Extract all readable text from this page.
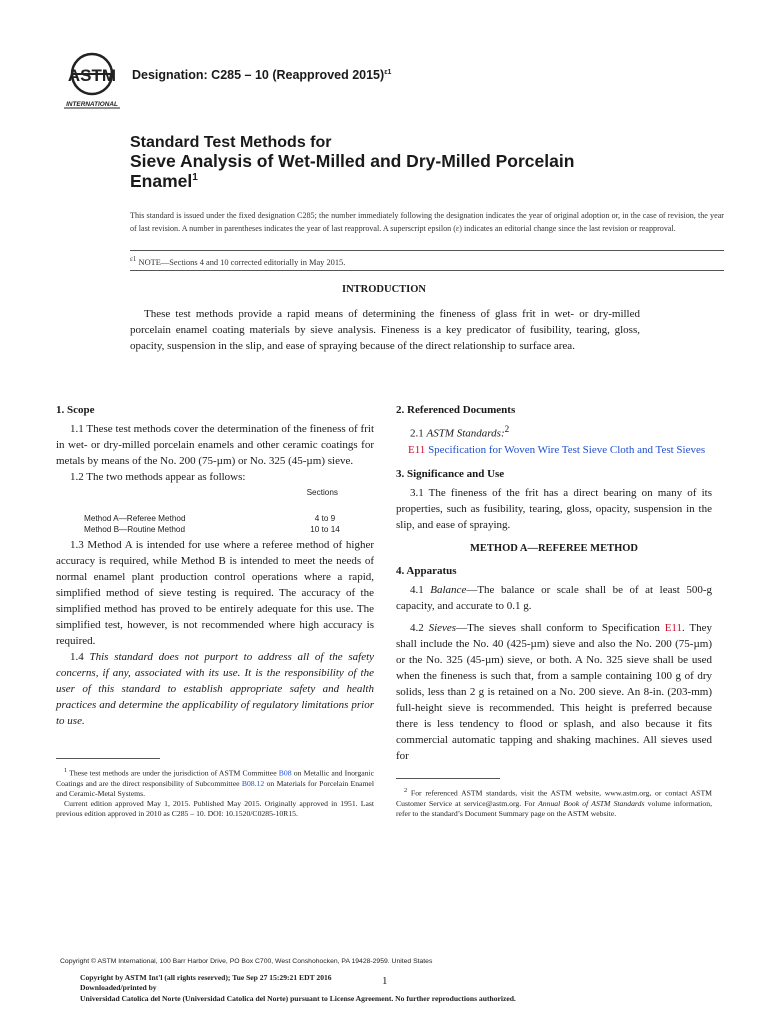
ASTM
INTERNATIONAL
Designation: C285 – 10 (Reapproved 2015)$^{\varepsilon 1}$
Standard Test Methods for
Sieve Analysis of Wet-Milled and Dry-Milled Porcelain
Enamel$^1$
This standard is issued under the fixed designation C285; the number immediately following the designation indicates the year of original adoption or, in the case of revision, the year of last revision. A number in parentheses indicates the year of last reapproval. A superscript epsilon (ε) indicates an editorial change since the last revision or reapproval.
$^{\varepsilon 1}$ NOTE—Sections 4 and 10 corrected editorially in May 2015.
INTRODUCTION
These test methods provide a rapid means of determining the fineness of glass frit in wet- or dry-milled porcelain enamel coating materials by sieve analysis. Fineness is a key predicator of fusibility, tearing, gloss, opacity, suspension in the slip, and ease of spraying because of the direct relationship to surface area.
1. Scope

1.1 These test methods cover the determination of the fineness of frit in wet- or dry-milled porcelain enamels and other ceramic coatings for metals by means of the No. 200 (75-µm) or No. 325 (45-µm) sieve.

1.2 The two methods appear as follows:

Sections
Method A—Referee Method	4 to 9
Method B—Routine Method	10 to 14

1.3 Method A is intended for use where a referee method of higher accuracy is required, while Method B is intended to meet the needs of normal enamel plant production control operations where a rapid, simplified method of sieve testing is required. The accuracy of the simplified method has proved to be entirely adequate for this use. The simplified test, however, is not recommended where high accuracy is required.

1.4 This standard does not purport to address all of the safety concerns, if any, associated with its use. It is the responsibility of the user of this standard to establish appropriate safety and health practices and determine the applicability of regulatory limitations prior to use.

$^1$ These test methods are under the jurisdiction of ASTM Committee B08 on Metallic and Inorganic Coatings and are the direct responsibility of Subcommittee B08.12 on Materials for Porcelain Enamel and Ceramic-Metal Systems.

Current edition approved May 1, 2015. Published May 2015. Originally approved in 1951. Last previous edition approved in 2010 as C285 – 10. DOI: 10.1520/C0285-10R15.

2. Referenced Documents

2.1 ASTM Standards:$^2$

E11 Specification for Woven Wire Test Sieve Cloth and Test Sieves
3. Significance and Use

3.1 The fineness of the frit has a direct bearing on many of its properties, such as fusibility, tearing, gloss, opacity, suspension in the slip, and ease of spraying.

METHOD A—REFEREE METHOD
4. Apparatus

4.1 Balance—The balance or scale shall be of at least 500-g capacity, and accurate to 0.1 g.

4.2 Sieves—The sieves shall conform to Specification E11. They shall include the No. 40 (425-µm) sieve and also the No. 200 (75-µm) or the No. 325 (45-µm) sieve, or both. A No. 325 sieve shall be used when the fineness is such that, from a sample containing 100 g of dry solids, less than 2 g is retained on a No. 200 sieve. An 8-in. (203-mm) full-height sieve is recommended. This height is preferred because there is less tendency to flood or splash, and also because it fits commercial automatic tapping and shaking machines. All sieves used for

$^2$ For referenced ASTM standards, visit the ASTM website, www.astm.org, or contact ASTM Customer Service at service@astm.org. For Annual Book of ASTM Standards volume information, refer to the standard’s Document Summary page on the ASTM website.

Copyright © ASTM International, 100 Barr Harbor Drive, PO Box C700, West Conshohocken, PA 19428-2959. United States
Copyright by ASTM Int'l (all rights reserved); Tue Sep 27 15:29:21 EDT 2016
Downloaded/printed by
Universidad Catolica del Norte (Universidad Catolica del Norte) pursuant to License Agreement. No further reproductions authorized.
1
